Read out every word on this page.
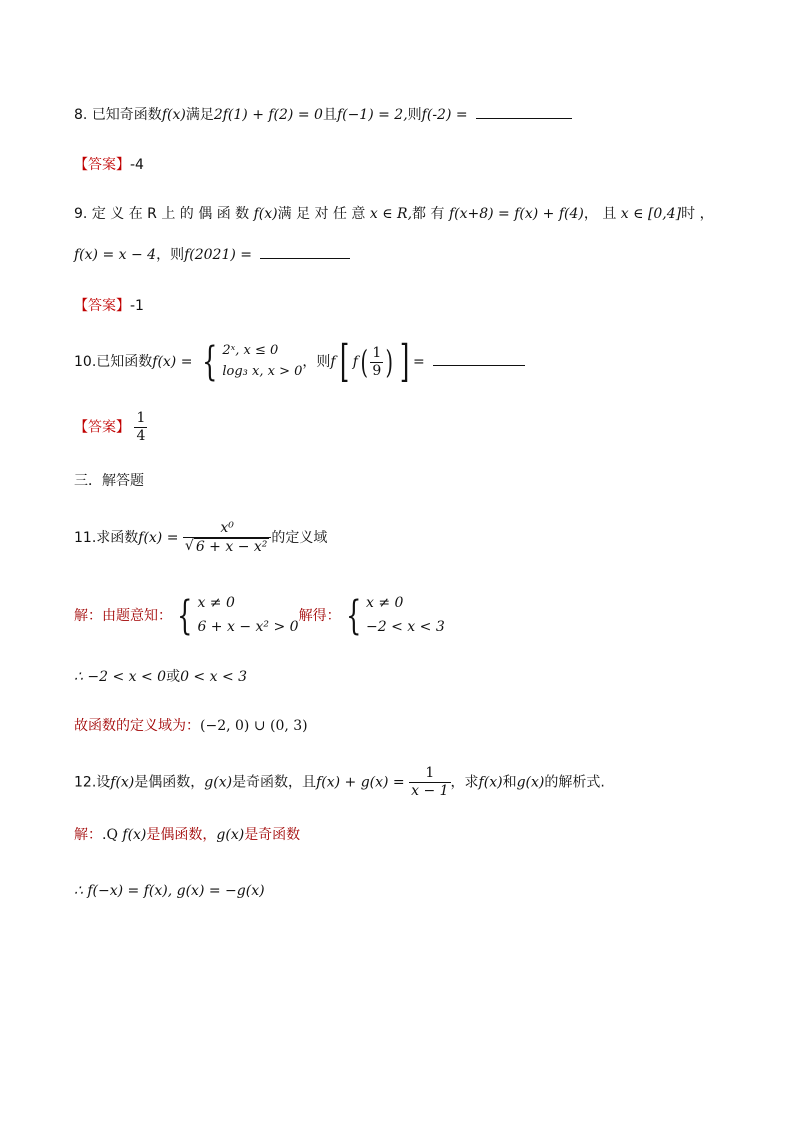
8. 已知奇函数f(x)满足2f(1) + f(2) = 0且f(−1) = 2,则f(-2) =
【答案】-4
9. 定 义 在 R 上 的 偶 函 数 f(x)满 足 对 任 意 x ∈ R,都 有 f(x+8) = f(x) + f(4)， 且 x ∈ [0,4]时 ，
f(x) = x − 4，则f(2021) =
【答案】-1
10.已知函数f(x) = { 2ˣ, x ≤ 0
log₃ x, x > 0
，则f[ $f( \frac{1}{9}$ ) ] =
【答案】 $\frac{1}{4}$
三．解答题
11.求函数$f(x) = \frac{\text{x⁰}}{\text{√ 6 + x − x²}}$ 的定义域
解：由题意知： { x ≠ 0
6 + x − x² > 0
解得： { x ≠ 0
−2 < x < 3
∴ −2 < x < 0或0 < x < 3
故函数的定义域为：(−2, 0) ∪ (0, 3)
12.设f(x)是偶函数，g(x)是奇函数，且$f(x) + g(x) = \frac{1}{x - 1}$ ，求f(x)和g(x)的解析式.
解：.Q f(x)是偶函数，g(x)是奇函数
∴ f(−x) = f(x), g(x) = −g(x)
